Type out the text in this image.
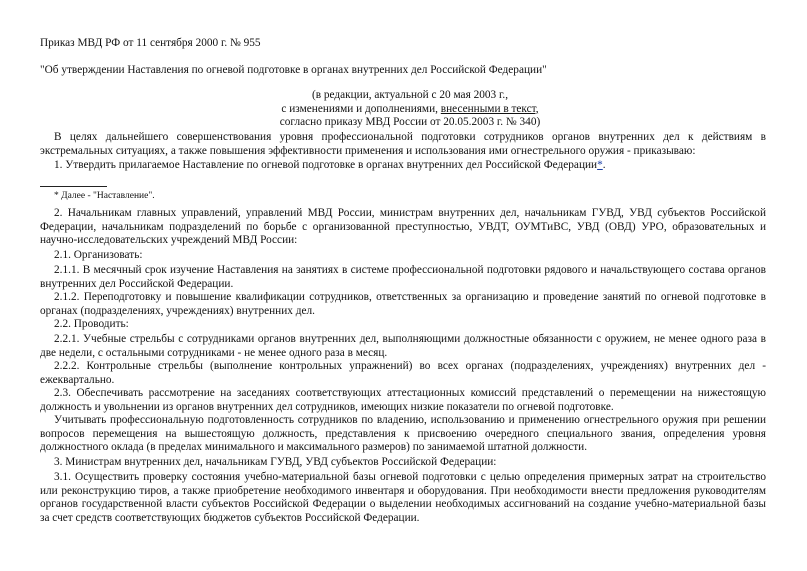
Приказ МВД РФ от 11 сентября 2000 г. № 955

"Об утверждении Наставления по огневой подготовке в органах внутренних дел Российской Федерации"

(в редакции, актуальной с 20 мая 2003 г.,
с изменениями и дополнениями, внесенными в текст,
согласно приказу МВД России от 20.05.2003 г. № 340)

В целях дальнейшего совершенствования уровня профессиональной подготовки сотрудников органов внутренних дел к действиям в экстремальных ситуациях, а также повышения эффективности применения и использования ими огнестрельного оружия - приказываю:

1. Утвердить прилагаемое Наставление по огневой подготовке в органах внутренних дел Российской Федерации*.

* Далее - "Наставление".

2. Начальникам главных управлений, управлений МВД России, министрам внутренних дел, начальникам ГУВД, УВД субъектов Российской Федерации, начальникам подразделений по борьбе с организованной преступностью, УВДТ, ОУМТиВС, УВД (ОВД) УРО, образовательных и научно-исследовательских учреждений МВД России:

2.1. Организовать:

2.1.1. В месячный срок изучение Наставления на занятиях в системе профессиональной подготовки рядового и начальствующего состава органов внутренних дел Российской Федерации.

2.1.2. Переподготовку и повышение квалификации сотрудников, ответственных за организацию и проведение занятий по огневой подготовке в органах (подразделениях, учреждениях) внутренних дел.

2.2. Проводить:

2.2.1. Учебные стрельбы с сотрудниками органов внутренних дел, выполняющими должностные обязанности с оружием, не менее одного раза в две недели, с остальными сотрудниками - не менее одного раза в месяц.

2.2.2. Контрольные стрельбы (выполнение контрольных упражнений) во всех органах (подразделениях, учреждениях) внутренних дел - ежеквартально.

2.3. Обеспечивать рассмотрение на заседаниях соответствующих аттестационных комиссий представлений о перемещении на нижестоящую должность и увольнении из органов внутренних дел сотрудников, имеющих низкие показатели по огневой подготовке.

Учитывать профессиональную подготовленность сотрудников по владению, использованию и применению огнестрельного оружия при решении вопросов перемещения на вышестоящую должность, представления к присвоению очередного специального звания, определения уровня должностного оклада (в пределах минимального и максимального размеров) по занимаемой штатной должности.

3. Министрам внутренних дел, начальникам ГУВД, УВД субъектов Российской Федерации:

3.1. Осуществить проверку состояния учебно-материальной базы огневой подготовки с целью определения примерных затрат на строительство или реконструкцию тиров, а также приобретение необходимого инвентаря и оборудования. При необходимости внести предложения руководителям органов государственной власти субъектов Российской Федерации о выделении необходимых ассигнований на создание учебно-материальной базы за счет средств соответствующих бюджетов субъектов Российской Федерации.
